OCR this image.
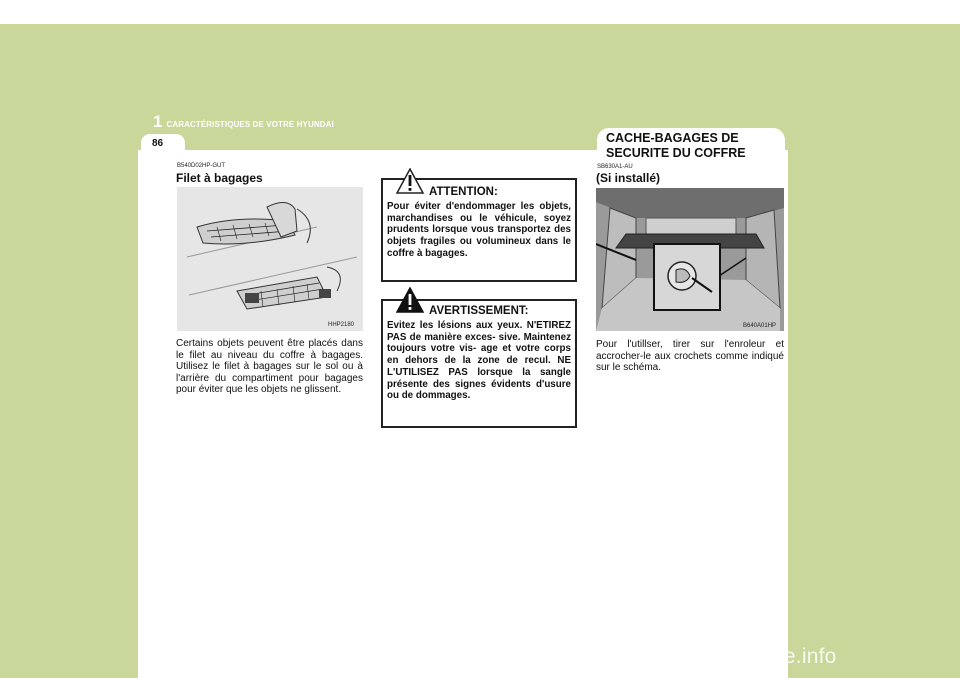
1 CARACTÉRISTIQUES DE VOTRE HYUNDAI
86	CACHE-BAGAGES DE
SECURITE DU COFFRE
B540D02HP-GUT
Filet à bagages
HHP2180
Certains objets peuvent être placés dans le filet au niveau du coffre à bagages. Utilisez le filet à bagages sur le sol ou à l'arrière du compartiment pour bagages pour éviter que les objets ne glissent.
ATTENTION:
Pour éviter d'endommager les objets, marchandises ou le véhicule, soyez prudents lorsque vous transportez des objets fragiles ou volumineux dans le coffre à bagages.
AVERTISSEMENT:
Evitez les lésions aux yeux. N'ETIREZ PAS de manière exces- sive. Maintenez toujours votre vis- age et votre corps en dehors de la zone de recul. NE L'UTILISEZ PAS lorsque la sangle présente des signes évidents d'usure ou de dommages.
SB630A1-AU
(Si installé)
B640A01HP
Pour l'utillser, tirer sur l'enroleur et accrocher-le aux crochets comme indiqué sur le schéma.
carmanualsonline.info
